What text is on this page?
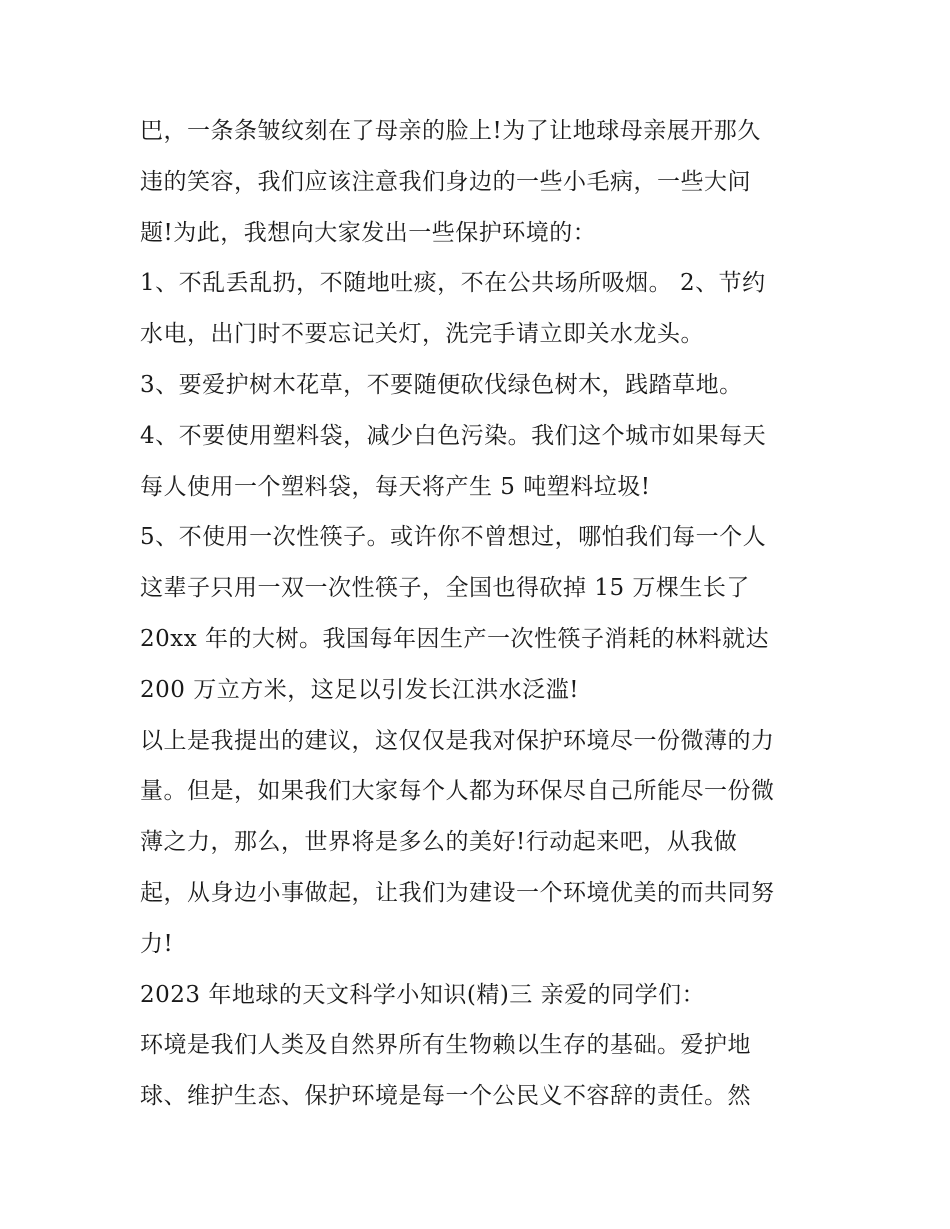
巴，一条条皱纹刻在了母亲的脸上!为了让地球母亲展开那久
违的笑容，我们应该注意我们身边的一些小毛病，一些大问
题!为此，我想向大家发出一些保护环境的：
1、不乱丢乱扔，不随地吐痰，不在公共场所吸烟。 2、节约
水电，出门时不要忘记关灯，洗完手请立即关水龙头。
3、要爱护树木花草，不要随便砍伐绿色树木，践踏草地。
4、不要使用塑料袋，减少白色污染。我们这个城市如果每天
每人使用一个塑料袋，每天将产生 5 吨塑料垃圾!
5、不使用一次性筷子。或许你不曾想过，哪怕我们每一个人
这辈子只用一双一次性筷子，全国也得砍掉 15 万棵生长了
20xx 年的大树。我国每年因生产一次性筷子消耗的林料就达
200 万立方米，这足以引发长江洪水泛滥!
以上是我提出的建议，这仅仅是我对保护环境尽一份微薄的力
量。但是，如果我们大家每个人都为环保尽自己所能尽一份微
薄之力，那么，世界将是多么的美好!行动起来吧，从我做
起，从身边小事做起，让我们为建设一个环境优美的而共同努
力!
2023 年地球的天文科学小知识(精)三 亲爱的同学们：
环境是我们人类及自然界所有生物赖以生存的基础。爱护地
球、维护生态、保护环境是每一个公民义不容辞的责任。然
